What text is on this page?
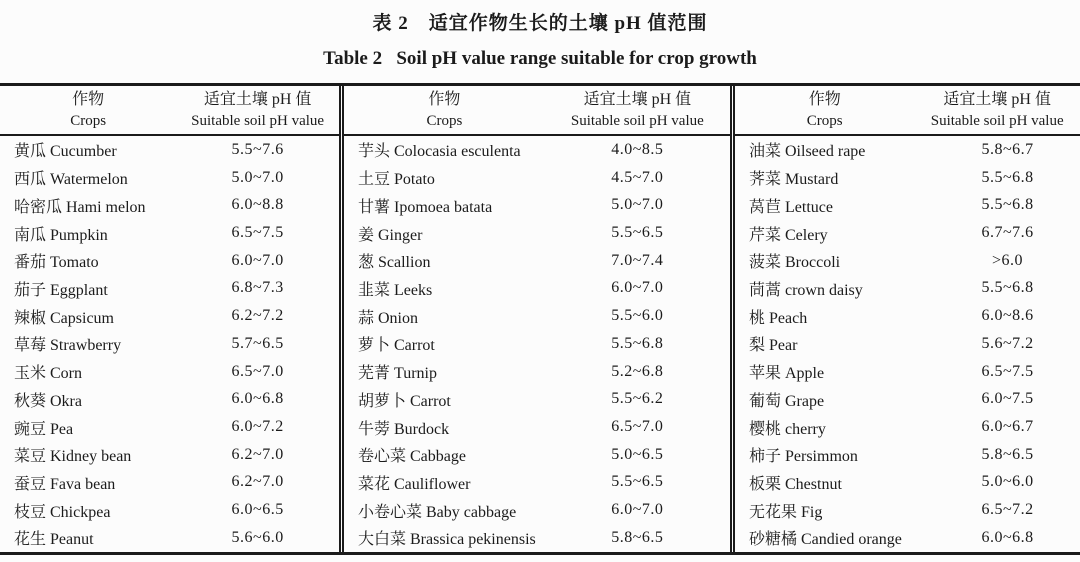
表 2　适宜作物生长的土壤 pH 值范围
Table 2   Soil pH value range suitable for crop growth
作物
Crops
适宜土壤 pH 值
Suitable soil pH value
黄瓜 Cucumber	5.5~7.6
西瓜 Watermelon	5.0~7.0
哈密瓜 Hami melon	6.0~8.8
南瓜 Pumpkin	6.5~7.5
番茄 Tomato	6.0~7.0
茄子 Eggplant	6.8~7.3
辣椒 Capsicum	6.2~7.2
草莓 Strawberry	5.7~6.5
玉米 Corn	6.5~7.0
秋葵 Okra	6.0~6.8
豌豆 Pea	6.0~7.2
菜豆 Kidney bean	6.2~7.0
蚕豆 Fava bean	6.2~7.0
枝豆 Chickpea	6.0~6.5
花生 Peanut	5.6~6.0
作物
Crops
适宜土壤 pH 值
Suitable soil pH value
芋头 Colocasia esculenta	4.0~8.5
土豆 Potato	4.5~7.0
甘薯 Ipomoea batata	5.0~7.0
姜 Ginger	5.5~6.5
葱 Scallion	7.0~7.4
韭菜 Leeks	6.0~7.0
蒜 Onion	5.5~6.0
萝卜 Carrot	5.5~6.8
芜菁 Turnip	5.2~6.8
胡萝卜 Carrot	5.5~6.2
牛蒡 Burdock	6.5~7.0
卷心菜 Cabbage	5.0~6.5
菜花 Cauliflower	5.5~6.5
小卷心菜 Baby cabbage	6.0~7.0
大白菜 Brassica pekinensis	5.8~6.5
作物
Crops
适宜土壤 pH 值
Suitable soil pH value
油菜 Oilseed rape	5.8~6.7
荠菜 Mustard	5.5~6.8
莴苣 Lettuce	5.5~6.8
芹菜 Celery	6.7~7.6
菠菜 Broccoli	>6.0
茼蒿 crown daisy	5.5~6.8
桃 Peach	6.0~8.6
梨 Pear	5.6~7.2
苹果 Apple	6.5~7.5
葡萄 Grape	6.0~7.5
樱桃 cherry	6.0~6.7
柿子 Persimmon	5.8~6.5
板栗 Chestnut	5.0~6.0
无花果 Fig	6.5~7.2
砂糖橘 Candied orange	6.0~6.8
